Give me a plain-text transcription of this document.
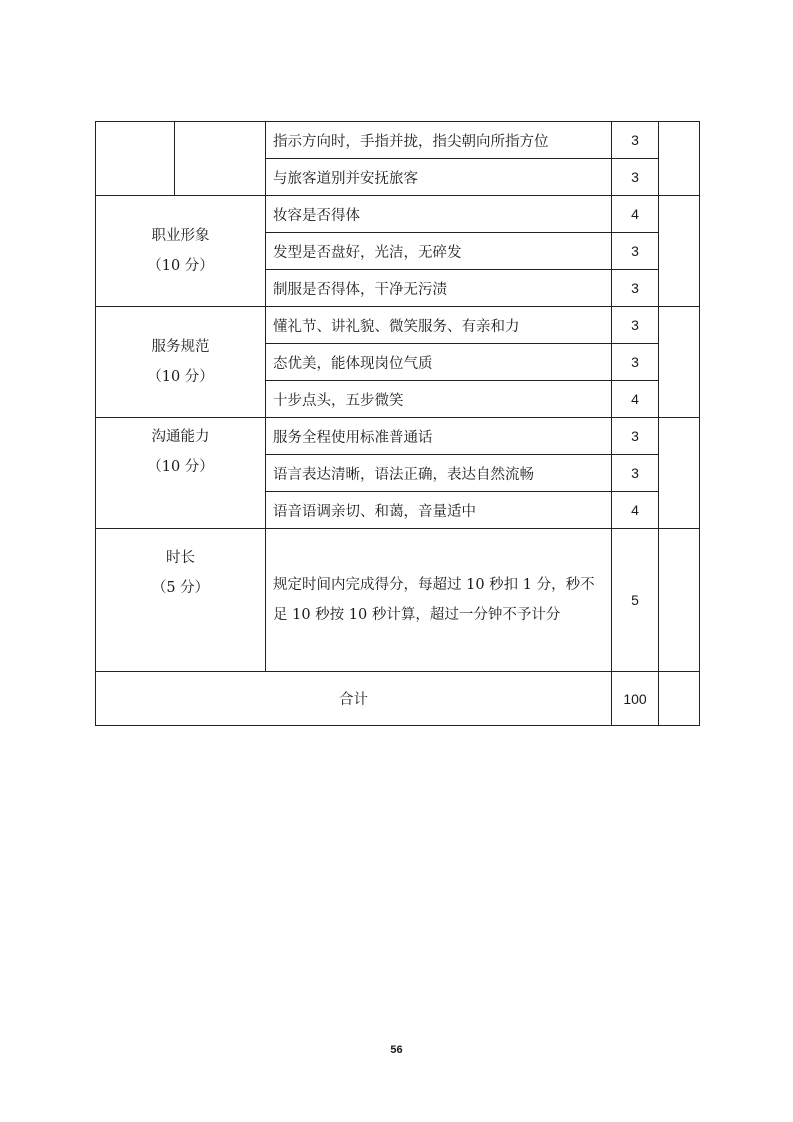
		指示方向时，手指并拢，指尖朝向所指方位	3	
		与旅客道别并安抚旅客	3	

职业形象
（10 分）		妆容是否得体	4	
		发型是否盘好，光洁，无碎发	3	
		制服是否得体，干净无污渍	3	

服务规范
（10 分）		懂礼节、讲礼貌、微笑服务、有亲和力	3	
		态优美，能体现岗位气质	3	
		十步点头，五步微笑	4	

沟通能力
（10 分）		服务全程使用标准普通话	3	
		语言表达清晰，语法正确，表达自然流畅	3	
		语音语调亲切、和蔼，音量适中	4	

时长
（5 分）		规定时间内完成得分，每超过 10 秒扣 1 分，秒不足 10 秒按 10 秒计算，超过一分钟不予计分	5	
合计			100	
56
